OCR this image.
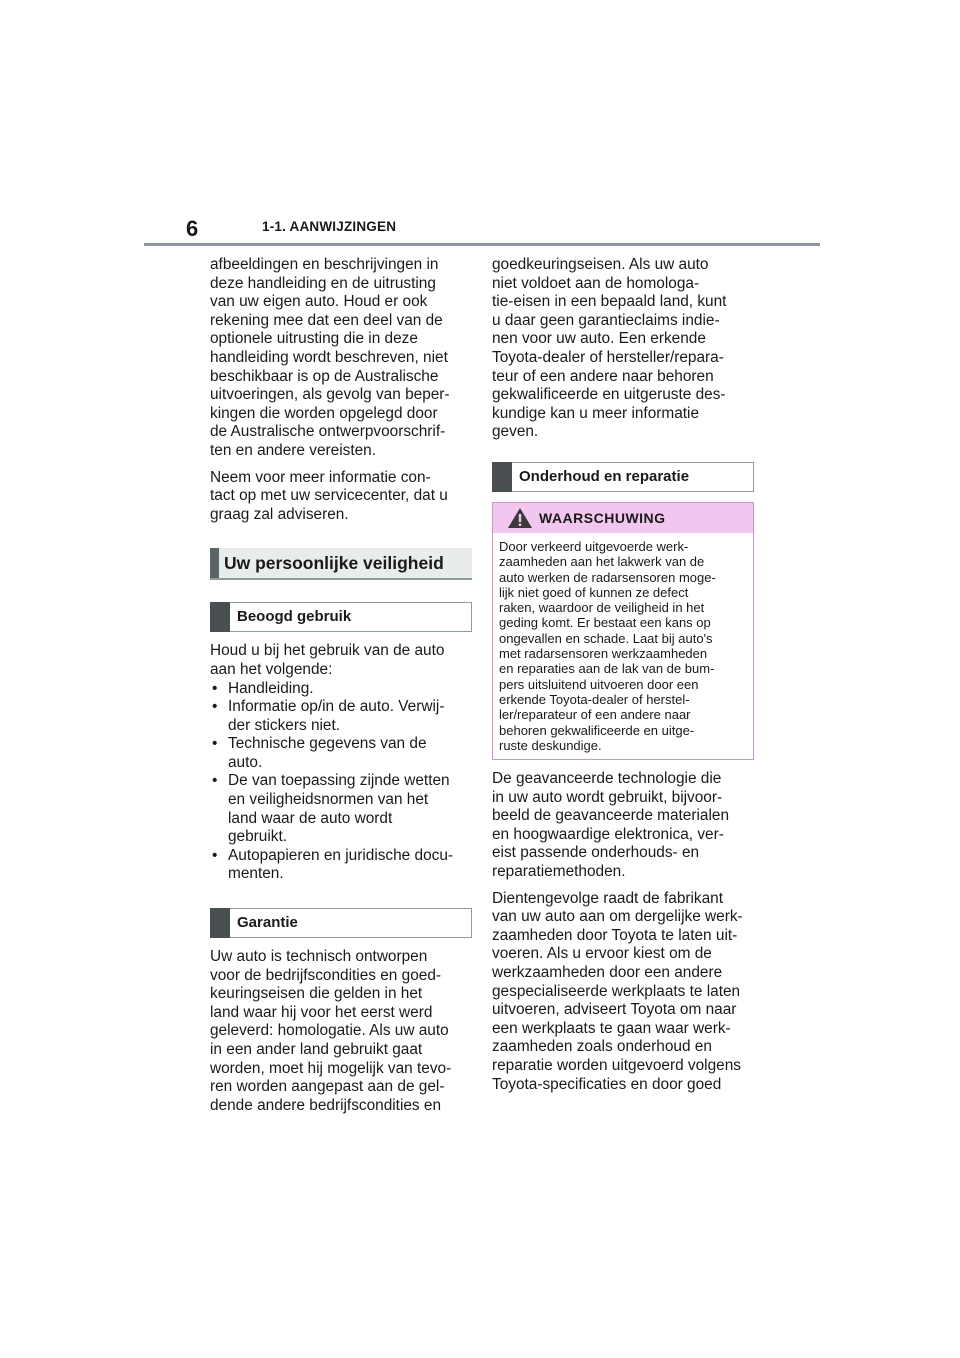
6	1-1. AANWIJZINGEN

afbeeldingen en beschrijvingen in
deze handleiding en de uitrusting
van uw eigen auto. Houd er ook
rekening mee dat een deel van de
optionele uitrusting die in deze
handleiding wordt beschreven, niet
beschikbaar is op de Australische
uitvoeringen, als gevolg van beper-
kingen die worden opgelegd door
de Australische ontwerpvoorschrif-
ten en andere vereisten.

Neem voor meer informatie con-
tact op met uw servicecenter, dat u
graag zal adviseren.

Uw persoonlijke veiligheid
Beoogd gebruik

Houd u bij het gebruik van de auto
aan het volgende:

• Handleiding.
• Informatie op/in de auto. Verwij-
der stickers niet.
• Technische gegevens van de
auto.
• De van toepassing zijnde wetten
en veiligheidsnormen van het
land waar de auto wordt
gebruikt.
• Autopapieren en juridische docu-
menten.
Garantie

Uw auto is technisch ontworpen
voor de bedrijfscondities en goed-
keuringseisen die gelden in het
land waar hij voor het eerst werd
geleverd: homologatie. Als uw auto
in een ander land gebruikt gaat
worden, moet hij mogelijk van tevo-
ren worden aangepast aan de gel-
dende andere bedrijfscondities en

goedkeuringseisen. Als uw auto
niet voldoet aan de homologa-
tie-eisen in een bepaald land, kunt
u daar geen garantieclaims indie-
nen voor uw auto. Een erkende
Toyota-dealer of hersteller/repara-
teur of een andere naar behoren
gekwalificeerde en uitgeruste des-
kundige kan u meer informatie
geven.

Onderhoud en reparatie
WAARSCHUWING
Door verkeerd uitgevoerde werk-
zaamheden aan het lakwerk van de
auto werken de radarsensoren moge-
lijk niet goed of kunnen ze defect
raken, waardoor de veiligheid in het
geding komt. Er bestaat een kans op
ongevallen en schade. Laat bij auto's
met radarsensoren werkzaamheden
en reparaties aan de lak van de bum-
pers uitsluitend uitvoeren door een
erkende Toyota-dealer of herstel-
ler/reparateur of een andere naar
behoren gekwalificeerde en uitge-
ruste deskundige.

De geavanceerde technologie die
in uw auto wordt gebruikt, bijvoor-
beeld de geavanceerde materialen
en hoogwaardige elektronica, ver-
eist passende onderhouds- en
reparatiemethoden.

Dientengevolge raadt de fabrikant
van uw auto aan om dergelijke werk-
zaamheden door Toyota te laten uit-
voeren. Als u ervoor kiest om de
werkzaamheden door een andere
gespecialiseerde werkplaats te laten
uitvoeren, adviseert Toyota om naar
een werkplaats te gaan waar werk-
zaamheden zoals onderhoud en
reparatie worden uitgevoerd volgens
Toyota-specificaties en door goed
